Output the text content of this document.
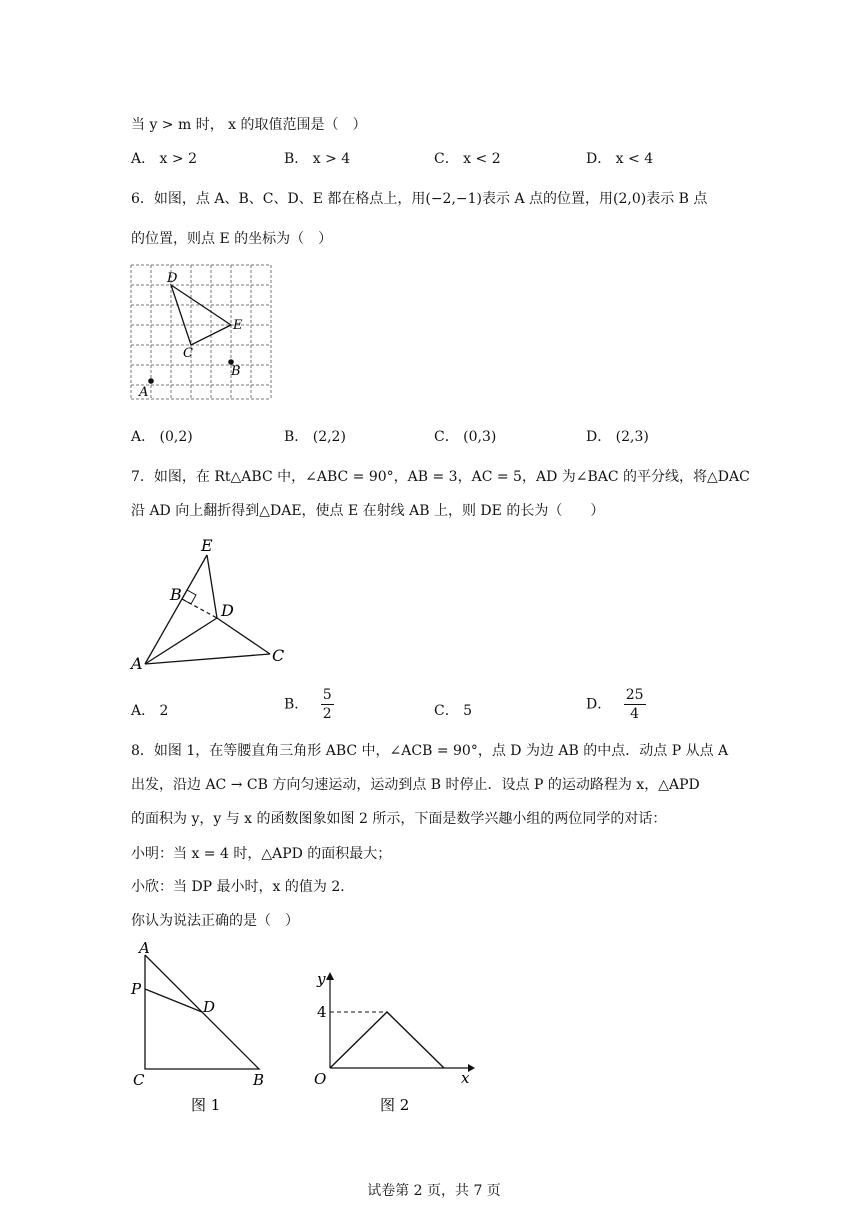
当 y > m 时， x 的取值范围是（　）
A． x > 2	B． x > 4	C． x < 2	D． x < 4
6．如图，点 A、B、C、D、E 都在格点上，用(−2,−1)表示 A 点的位置，用(2,0)表示 B 点
的位置，则点 E 的坐标为（　）
D
E
C
B
A
A． (0,2)	B． (2,2)	C． (0,3)	D． (2,3)
7．如图，在 Rt△ABC 中，∠ABC = 90°，AB = 3，AC = 5，AD 为∠BAC 的平分线，将△DAC
沿 AD 向上翻折得到△DAE，使点 E 在射线 AB 上，则 DE 的长为（　　）
E
B
D
A	C
A． 2	B． $\frac{5}{2}$	C． 5	D． $\frac{25}{4}$
8．如图 1，在等腰直角三角形 ABC 中，∠ACB = 90°，点 D 为边 AB 的中点．动点 P 从点 A
出发，沿边 AC → CB 方向匀速运动，运动到点 B 时停止．设点 P 的运动路程为 x，△APD
的面积为 y，y 与 x 的函数图象如图 2 所示，下面是数学兴趣小组的两位同学的对话：
小明：当 x = 4 时，△APD 的面积最大；
小欣：当 DP 最小时，x 的值为 2．
你认为说法正确的是（　）
A
P
D
C	B
图 1
y
x
O
4
图 2
试卷第 2 页，共 7 页
